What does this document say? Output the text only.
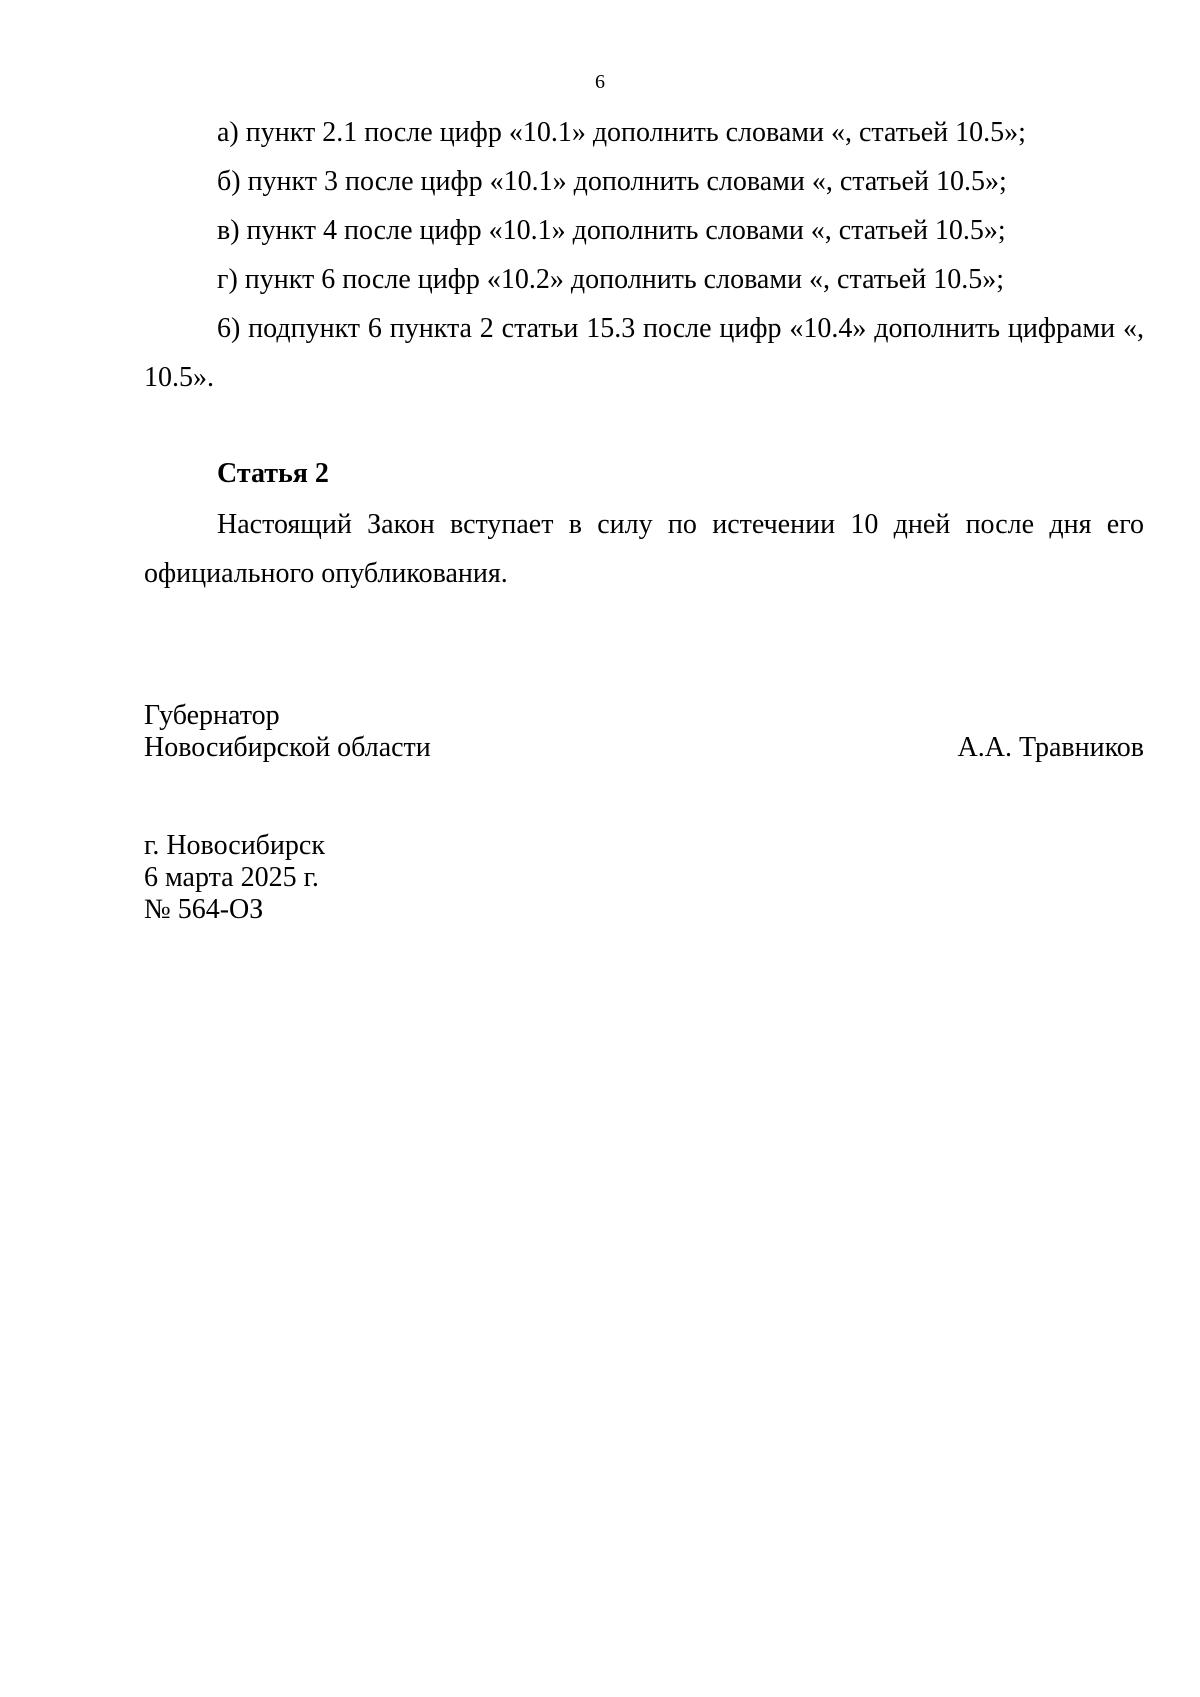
6

а) пункт 2.1 после цифр «10.1» дополнить словами «, статьей 10.5»;

б) пункт 3 после цифр «10.1» дополнить словами «, статьей 10.5»;

в) пункт 4 после цифр «10.1» дополнить словами «, статьей 10.5»;

г) пункт 6 после цифр «10.2» дополнить словами «, статьей 10.5»;

6) подпункт 6 пункта 2 статьи 15.3 после цифр «10.4» дополнить цифрами «, 10.5».

Статья 2

Настоящий Закон вступает в силу по истечении 10 дней после дня его официального опубликования.

Губернатор
Новосибирской области	А.А. Травников
г. Новосибирск
6 марта 2025 г.
№ 564-ОЗ
